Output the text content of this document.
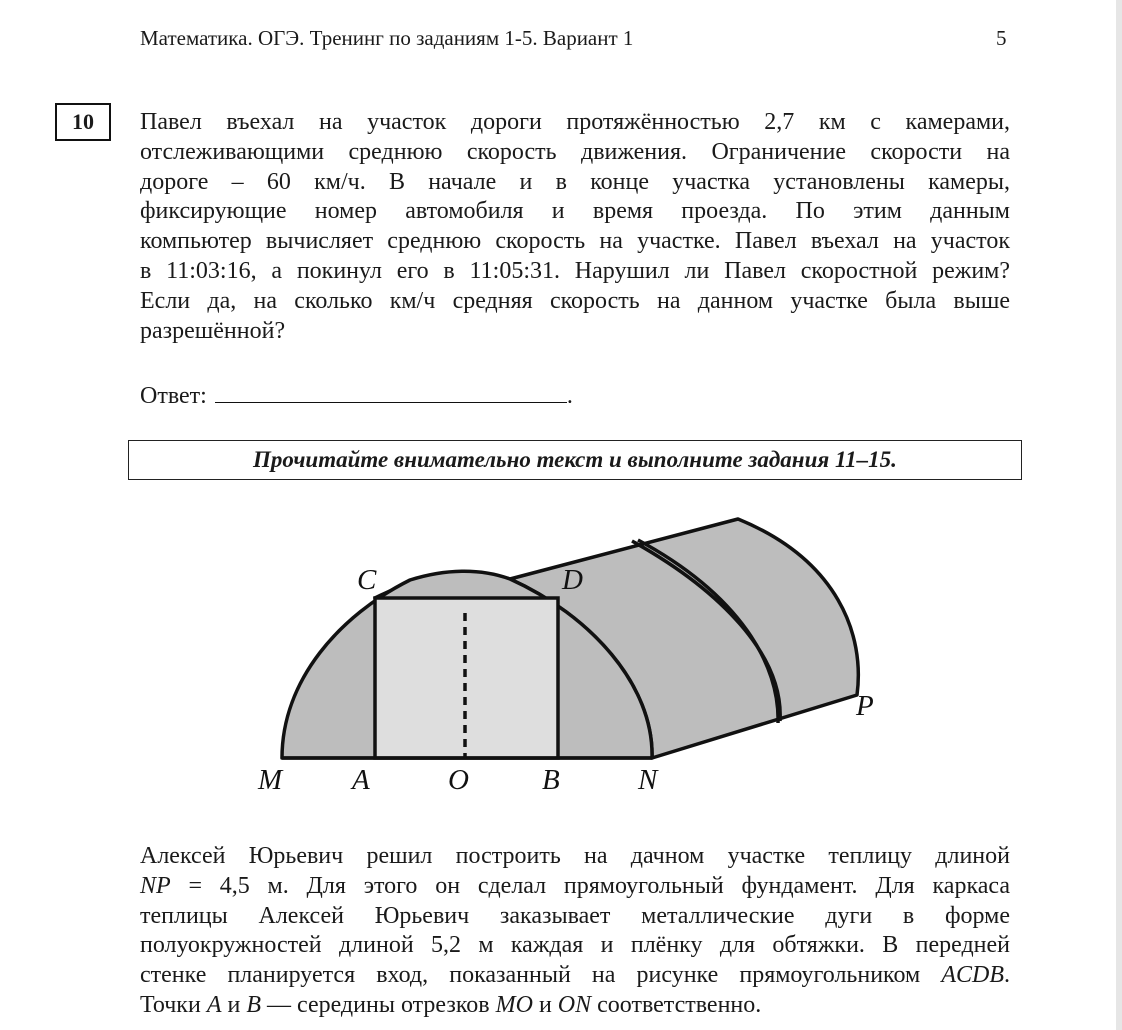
Математика. ОГЭ. Тренинг по заданиям 1-5. Вариант 1	5
10	Павел въехал на участок дороги протяжённостью 2,7 км с камерами,
отслеживающими среднюю скорость движения. Ограничение скорости на
дороге – 60 км/ч. В начале и в конце участка установлены камеры,
фиксирующие номер автомобиля и время проезда. По этим данным
компьютер вычисляет среднюю скорость на участке. Павел въехал на участок
в 11:03:16, а покинул его в 11:05:31. Нарушил ли Павел скоростной режим?
Если да, на сколько км/ч средняя скорость на данном участке была выше
разрешённой?
Ответ:	.
Прочитайте внимательно текст и выполните задания 11–15.
C	D
P
M A	O	B	N
Алексей Юрьевич решил построить на дачном участке теплицу длиной
NP = 4,5 м. Для этого он сделал прямоугольный фундамент. Для каркаса
теплицы Алексей Юрьевич заказывает металлические дуги в форме
полуокружностей длиной 5,2 м каждая и плёнку для обтяжки. В передней
стенке планируется вход, показанный на рисунке прямоугольником ACDB.
Точки A и B — середины отрезков MO и ON соответственно.
